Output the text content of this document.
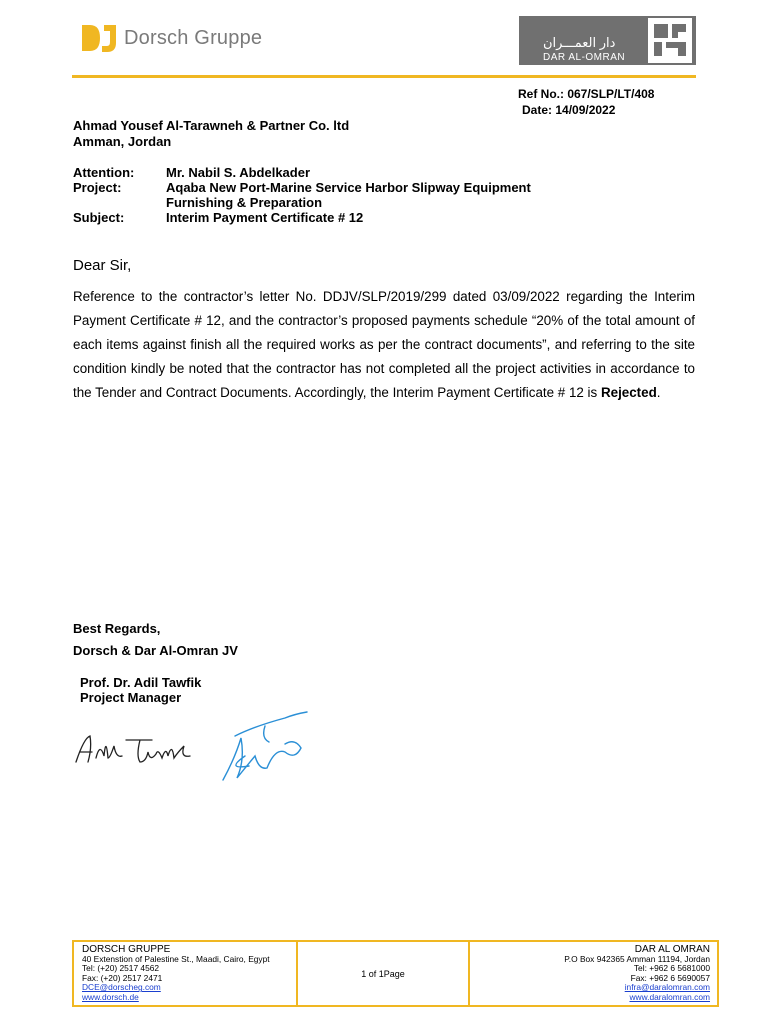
Dorsch Gruppe	دار العمـــران
DAR AL-OMRAN
Ref No.: 067/SLP/LT/408
Date: 14/09/2022
Ahmad Yousef Al-Tarawneh & Partner Co. ltd
Amman, Jordan
Attention: Mr. Nabil S. Abdelkader
Project:	Aqaba New Port-Marine Service Harbor Slipway Equipment
Furnishing & Preparation
Subject:	Interim Payment Certificate # 12
Dear Sir,
Reference to the contractor’s letter No. DDJV/SLP/2019/299 dated 03/09/2022 regarding the Interim Payment Certificate # 12, and the contractor’s proposed payments schedule “20% of the total amount of each items against finish all the required works as per the contract documents”, and referring to the site condition kindly be noted that the contractor has not completed all the project activities in accordance to the Tender and Contract Documents. Accordingly, the Interim Payment Certificate # 12 is Rejected.
Best Regards,
Dorsch & Dar Al-Omran JV
Prof. Dr. Adil Tawfik
Project Manager
DORSCH GRUPPE
40 Extenstion of Palestine St., Maadi, Cairo, Egypt
Tel: (+20) 2517 4562
Fax: (+20) 2517 2471
DCE@dorscheg.com
www.dorsch.de
1 of 1Page
DAR AL OMRAN
P.O Box 942365 Amman 11194, Jordan
Tel: +962 6 5681000
Fax: +962 6 5690057
infra@daralomran.com
www.daralomran.com
